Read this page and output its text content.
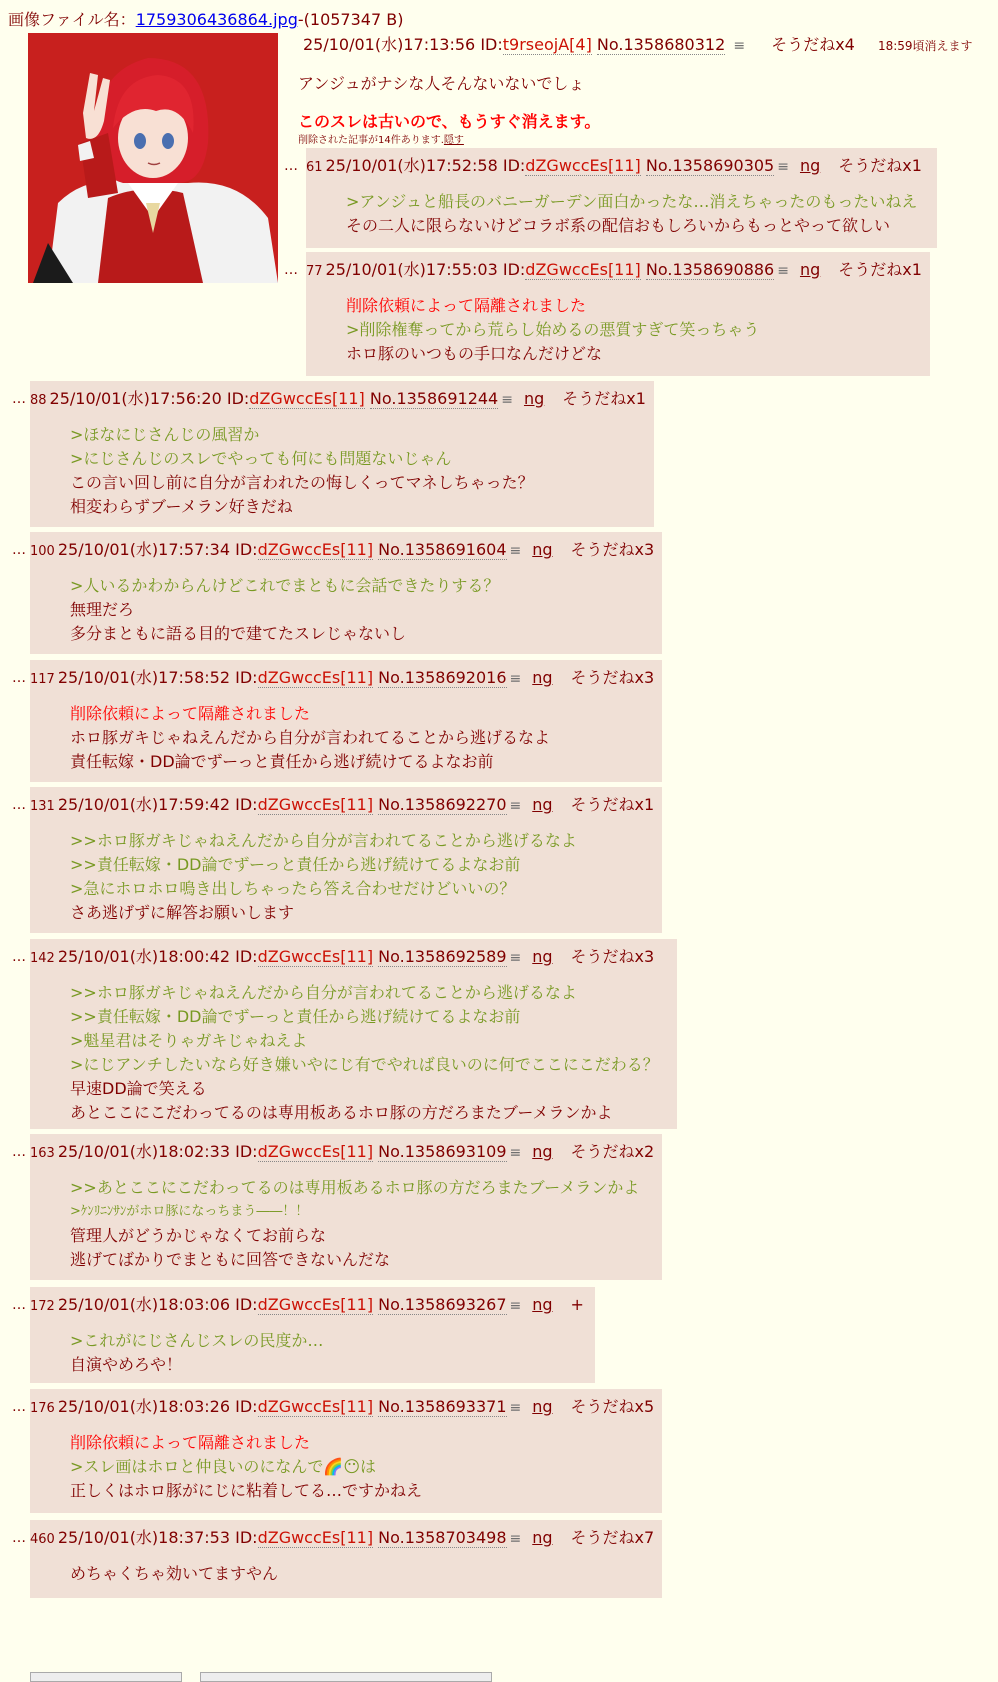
画像ファイル名：1759306436864.jpg-(1057347 B)
25/10/01(水)17:13:56 ID:t9rseojA[4] No.1358680312 ≡ そうだねx4 18:59頃消えます
アンジュがナシな人そんないないでしょ
このスレは古いので、もうすぐ消えます。
削除された記事が14件あります.隠す
… 61 25/10/01(水)17:52:58 ID:dZGwccEs[11] No.1358690305 ≡ ng そうだねx1
>アンジュと船長のバニーガーデン面白かったな…消えちゃったのもったいねえ
その二人に限らないけどコラボ系の配信おもしろいからもっとやって欲しい
… 77 25/10/01(水)17:55:03 ID:dZGwccEs[11] No.1358690886 ≡ ng そうだねx1
削除依頼によって隔離されました
>削除権奪ってから荒らし始めるの悪質すぎて笑っちゃう
ホロ豚のいつもの手口なんだけどな
… 88 25/10/01(水)17:56:20 ID:dZGwccEs[11] No.1358691244 ≡ ng そうだねx1
>ほなにじさんじの風習か
>にじさんじのスレでやっても何にも問題ないじゃん
この言い回し前に自分が言われたの悔しくってマネしちゃった？
相変わらずブーメラン好きだね
… 100 25/10/01(水)17:57:34 ID:dZGwccEs[11] No.1358691604 ≡ ng そうだねx3
>人いるかわからんけどこれでまともに会話できたりする？
無理だろ
多分まともに語る目的で建てたスレじゃないし
… 117 25/10/01(水)17:58:52 ID:dZGwccEs[11] No.1358692016 ≡ ng そうだねx3
削除依頼によって隔離されました
ホロ豚ガキじゃねえんだから自分が言われてることから逃げるなよ
責任転嫁・DD論でずーっと責任から逃げ続けてるよなお前
… 131 25/10/01(水)17:59:42 ID:dZGwccEs[11] No.1358692270 ≡ ng そうだねx1
>>ホロ豚ガキじゃねえんだから自分が言われてることから逃げるなよ
>>責任転嫁・DD論でずーっと責任から逃げ続けてるよなお前
>急にホロホロ鳴き出しちゃったら答え合わせだけどいいの？
さあ逃げずに解答お願いします
… 142 25/10/01(水)18:00:42 ID:dZGwccEs[11] No.1358692589 ≡ ng そうだねx3
>>ホロ豚ガキじゃねえんだから自分が言われてることから逃げるなよ
>>責任転嫁・DD論でずーっと責任から逃げ続けてるよなお前
>魁星君はそりゃガキじゃねえよ
>にじアンチしたいなら好き嫌いやにじ有でやれば良いのに何でここにこだわる？
早速DD論で笑える
あとここにこだわってるのは専用板あるホロ豚の方だろまたブーメランかよ
… 163 25/10/01(水)18:02:33 ID:dZGwccEs[11] No.1358693109 ≡ ng そうだねx2
>>あとここにこだわってるのは専用板あるホロ豚の方だろまたブーメランかよ
>ｹﾝﾘﾆﾝｻﾝがホロ豚になっちまう――！！
管理人がどうかじゃなくてお前らな
逃げてばかりでまともに回答できないんだな
… 172 25/10/01(水)18:03:06 ID:dZGwccEs[11] No.1358693267 ≡ ng +
>これがにじさんじスレの民度か…
自演やめろや！
… 176 25/10/01(水)18:03:26 ID:dZGwccEs[11] No.1358693371 ≡ ng そうだねx5
削除依頼によって隔離されました
>スレ画はホロと仲良いのになんで🌈😶は
正しくはホロ豚がにじに粘着してる…ですかねえ
… 460 25/10/01(水)18:37:53 ID:dZGwccEs[11] No.1358703498 ≡ ng そうだねx7
めちゃくちゃ効いてますやん
